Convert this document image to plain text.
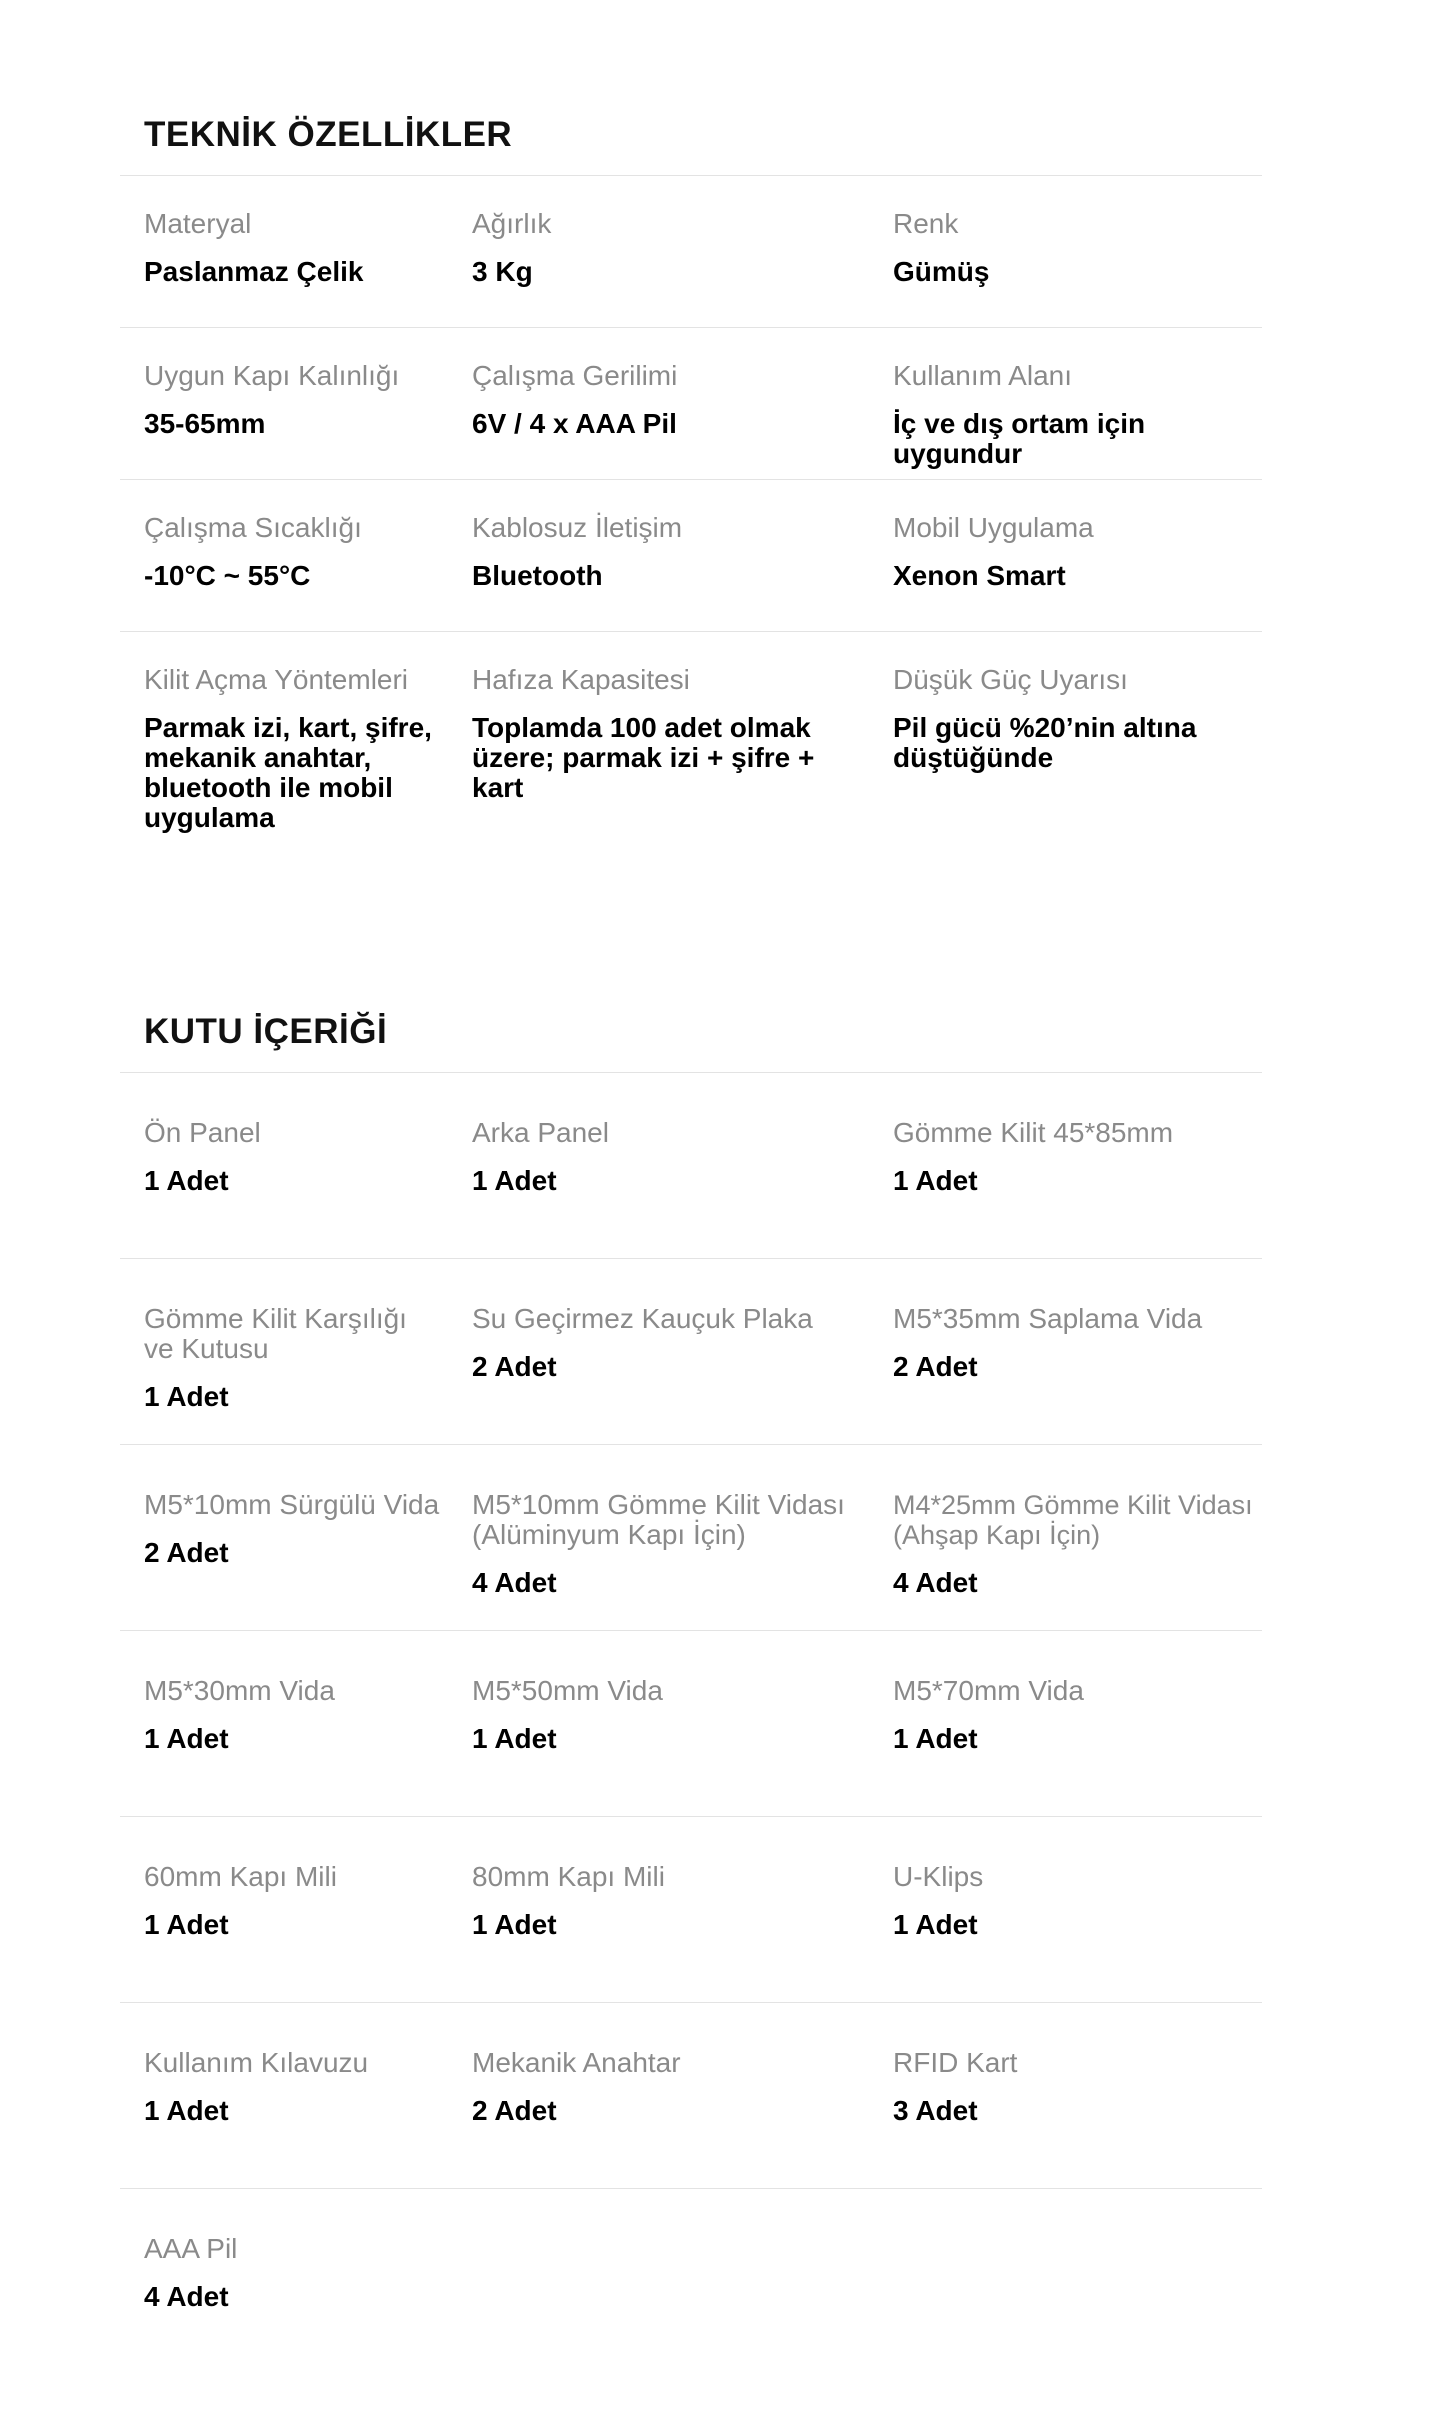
TEKNİK ÖZELLİKLER
Materyal
Paslanmaz Çelik
Ağırlık
3 Kg
Renk
Gümüş
Uygun Kapı Kalınlığı
35-65mm
Çalışma Gerilimi
6V / 4 x AAA Pil
Kullanım Alanı
İç ve dış ortam için uygundur
Çalışma Sıcaklığı
-10°C ~ 55°C
Kablosuz İletişim
Bluetooth
Mobil Uygulama
Xenon Smart
Kilit Açma Yöntemleri
Parmak izi, kart, şifre, mekanik anahtar, bluetooth ile mobil uygulama
Hafıza Kapasitesi
Toplamda 100 adet olmak üzere; parmak izi + şifre + kart
Düşük Güç Uyarısı
Pil gücü %20’nin altına düştüğünde
KUTU İÇERİĞİ
Ön Panel
1 Adet
Arka Panel
1 Adet
Gömme Kilit 45*85mm
1 Adet
Gömme Kilit Karşılığı ve Kutusu
1 Adet
Su Geçirmez Kauçuk Plaka
2 Adet
M5*35mm Saplama Vida
2 Adet
M5*10mm Sürgülü Vida
2 Adet
M5*10mm Gömme Kilit Vidası (Alüminyum Kapı İçin)
4 Adet
M4*25mm Gömme Kilit Vidası (Ahşap Kapı İçin)
4 Adet
M5*30mm Vida
1 Adet
M5*50mm Vida
1 Adet
M5*70mm Vida
1 Adet
60mm Kapı Mili
1 Adet
80mm Kapı Mili
1 Adet
U-Klips
1 Adet
Kullanım Kılavuzu
1 Adet
Mekanik Anahtar
2 Adet
RFID Kart
3 Adet
AAA Pil
4 Adet
